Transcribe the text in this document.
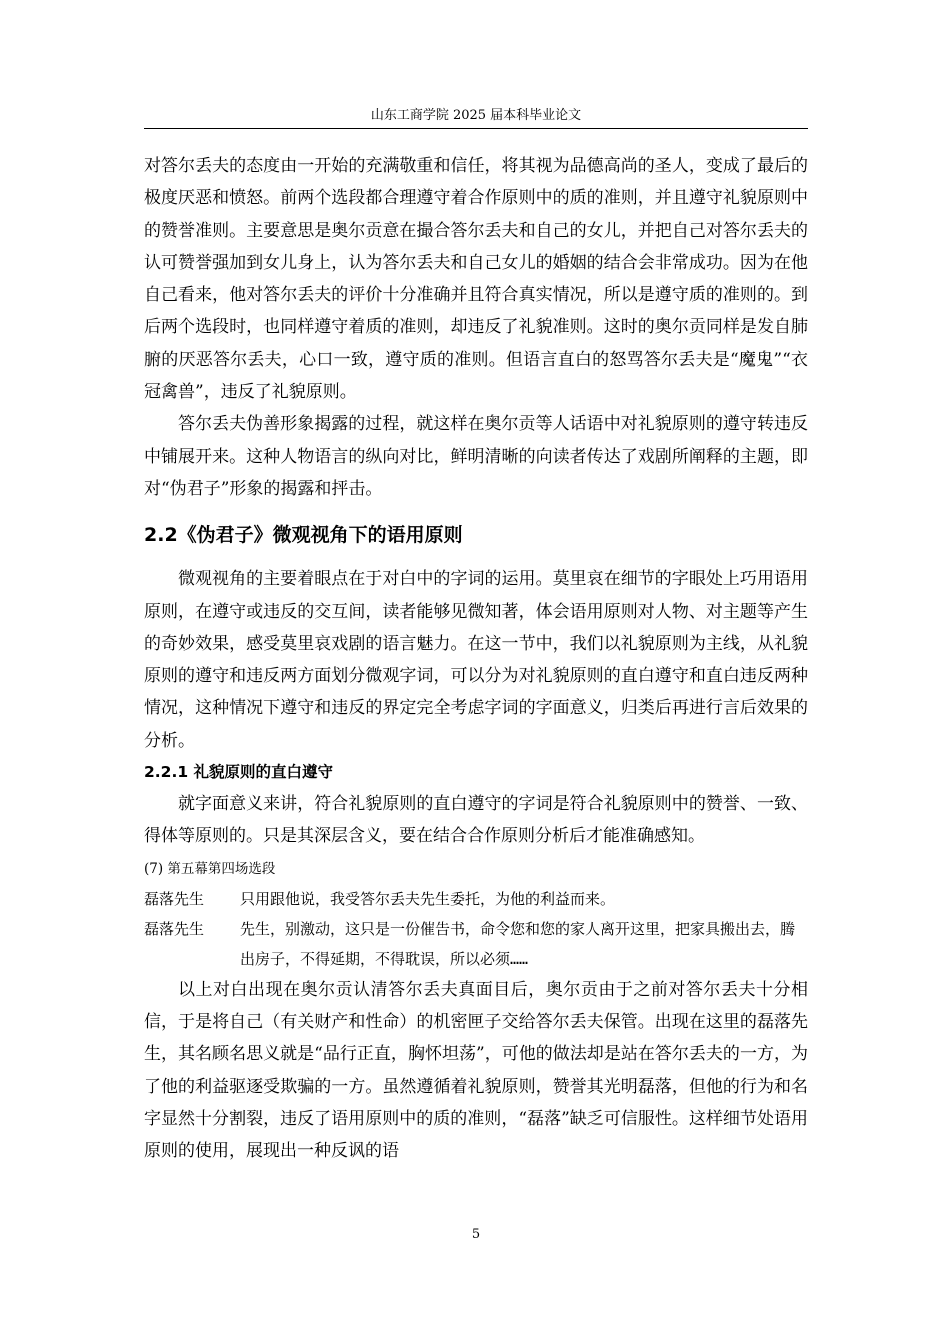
山东工商学院 2025 届本科毕业论文

对答尔丢夫的态度由一开始的充满敬重和信任，将其视为品德高尚的圣人，变成了最后的极度厌恶和愤怒。前两个选段都合理遵守着合作原则中的质的准则，并且遵守礼貌原则中的赞誉准则。主要意思是奥尔贡意在撮合答尔丢夫和自己的女儿，并把自己对答尔丢夫的认可赞誉强加到女儿身上，认为答尔丢夫和自己女儿的婚姻的结合会非常成功。因为在他自己看来，他对答尔丢夫的评价十分准确并且符合真实情况，所以是遵守质的准则的。到后两个选段时，也同样遵守着质的准则，却违反了礼貌准则。这时的奥尔贡同样是发自肺腑的厌恶答尔丢夫，心口一致，遵守质的准则。但语言直白的怒骂答尔丢夫是“魔鬼”“衣冠禽兽”，违反了礼貌原则。

答尔丢夫伪善形象揭露的过程，就这样在奥尔贡等人话语中对礼貌原则的遵守转违反中铺展开来。这种人物语言的纵向对比，鲜明清晰的向读者传达了戏剧所阐释的主题，即对“伪君子”形象的揭露和抨击。

2.2《伪君子》微观视角下的语用原则

微观视角的主要着眼点在于对白中的字词的运用。莫里哀在细节的字眼处上巧用语用原则，在遵守或违反的交互间，读者能够见微知著，体会语用原则对人物、对主题等产生的奇妙效果，感受莫里哀戏剧的语言魅力。在这一节中，我们以礼貌原则为主线，从礼貌原则的遵守和违反两方面划分微观字词，可以分为对礼貌原则的直白遵守和直白违反两种情况，这种情况下遵守和违反的界定完全考虑字词的字面意义，归类后再进行言后效果的分析。

2.2.1 礼貌原则的直白遵守

就字面意义来讲，符合礼貌原则的直白遵守的字词是符合礼貌原则中的赞誉、一致、得体等原则的。只是其深层含义，要在结合合作原则分析后才能准确感知。

(7) 第五幕第四场选段
磊落先生	只用跟他说，我受答尔丢夫先生委托，为他的利益而来。
磊落先生	先生，别激动，这只是一份催告书，命令您和您的家人离开这里，把家具搬出去，腾出房子，不得延期，不得耽误，所以必须……

以上对白出现在奥尔贡认清答尔丢夫真面目后，奥尔贡由于之前对答尔丢夫十分相信，于是将自己（有关财产和性命）的机密匣子交给答尔丢夫保管。出现在这里的磊落先生，其名顾名思义就是“品行正直，胸怀坦荡”，可他的做法却是站在答尔丢夫的一方，为了他的利益驱逐受欺骗的一方。虽然遵循着礼貌原则，赞誉其光明磊落，但他的行为和名字显然十分割裂，违反了语用原则中的质的准则，“磊落”缺乏可信服性。这样细节处语用原则的使用，展现出一种反讽的语

5
